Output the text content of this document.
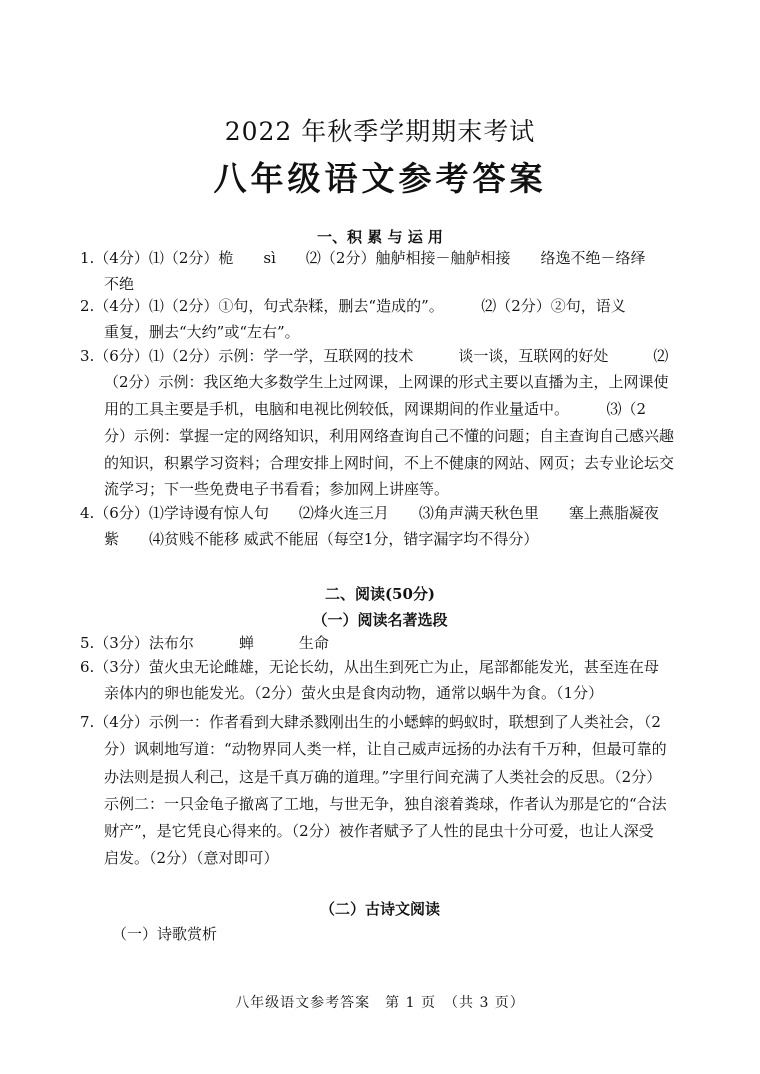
2022 年秋季学期期末考试
八年级语文参考答案
一、积 累 与 运 用
1.（4分）⑴（2分）桅　　sì　　⑵（2分）舳舻相接－舳舻相接　　络逸不绝－络绎
不绝
2.（4分）⑴（2分）①句，句式杂糅，删去“造成的”。　　　⑵（2分）②句，语义
重复，删去“大约”或“左右”。
3.（6分）⑴（2分）示例：学一学，互联网的技术　　　谈一谈，互联网的好处　　　⑵
（2分）示例：我区绝大多数学生上过网课，上网课的形式主要以直播为主，上网课使
用的工具主要是手机，电脑和电视比例较低，网课期间的作业量适中。　　　⑶（2
分）示例：掌握一定的网络知识，利用网络查询自己不懂的问题；自主查询自己感兴趣
的知识，积累学习资料；合理安排上网时间，不上不健康的网站、网页；去专业论坛交
流学习；下一些免费电子书看看；参加网上讲座等。
4.（6分）⑴学诗谩有惊人句　　⑵烽火连三月　　⑶角声满天秋色里　　塞上燕脂凝夜
紫　　⑷贫贱不能移 威武不能屈（每空1分，错字漏字均不得分）
二、阅读(50分)
（一）阅读名著选段
5.（3分）法布尔　　　蝉　　　生命
6.（3分）萤火虫无论雌雄，无论长幼，从出生到死亡为止，尾部都能发光，甚至连在母
亲体内的卵也能发光。（2分）萤火虫是食肉动物，通常以蜗牛为食。（1分）
7.（4分）示例一：作者看到大肆杀戮刚出生的小蟋蟀的蚂蚁时，联想到了人类社会，（2
分）讽刺地写道：“动物界同人类一样，让自己威声远扬的办法有千万种，但最可靠的
办法则是损人利己，这是千真万确的道理。”字里行间充满了人类社会的反思。（2分）
示例二：一只金龟子撤离了工地，与世无争，独自滚着粪球，作者认为那是它的“合法
财产”，是它凭良心得来的。（2分）被作者赋予了人性的昆虫十分可爱，也让人深受
启发。（2分）（意对即可）
（二）古诗文阅读
（一）诗歌赏析
八年级语文参考答案　第 1 页　（共 3 页）
